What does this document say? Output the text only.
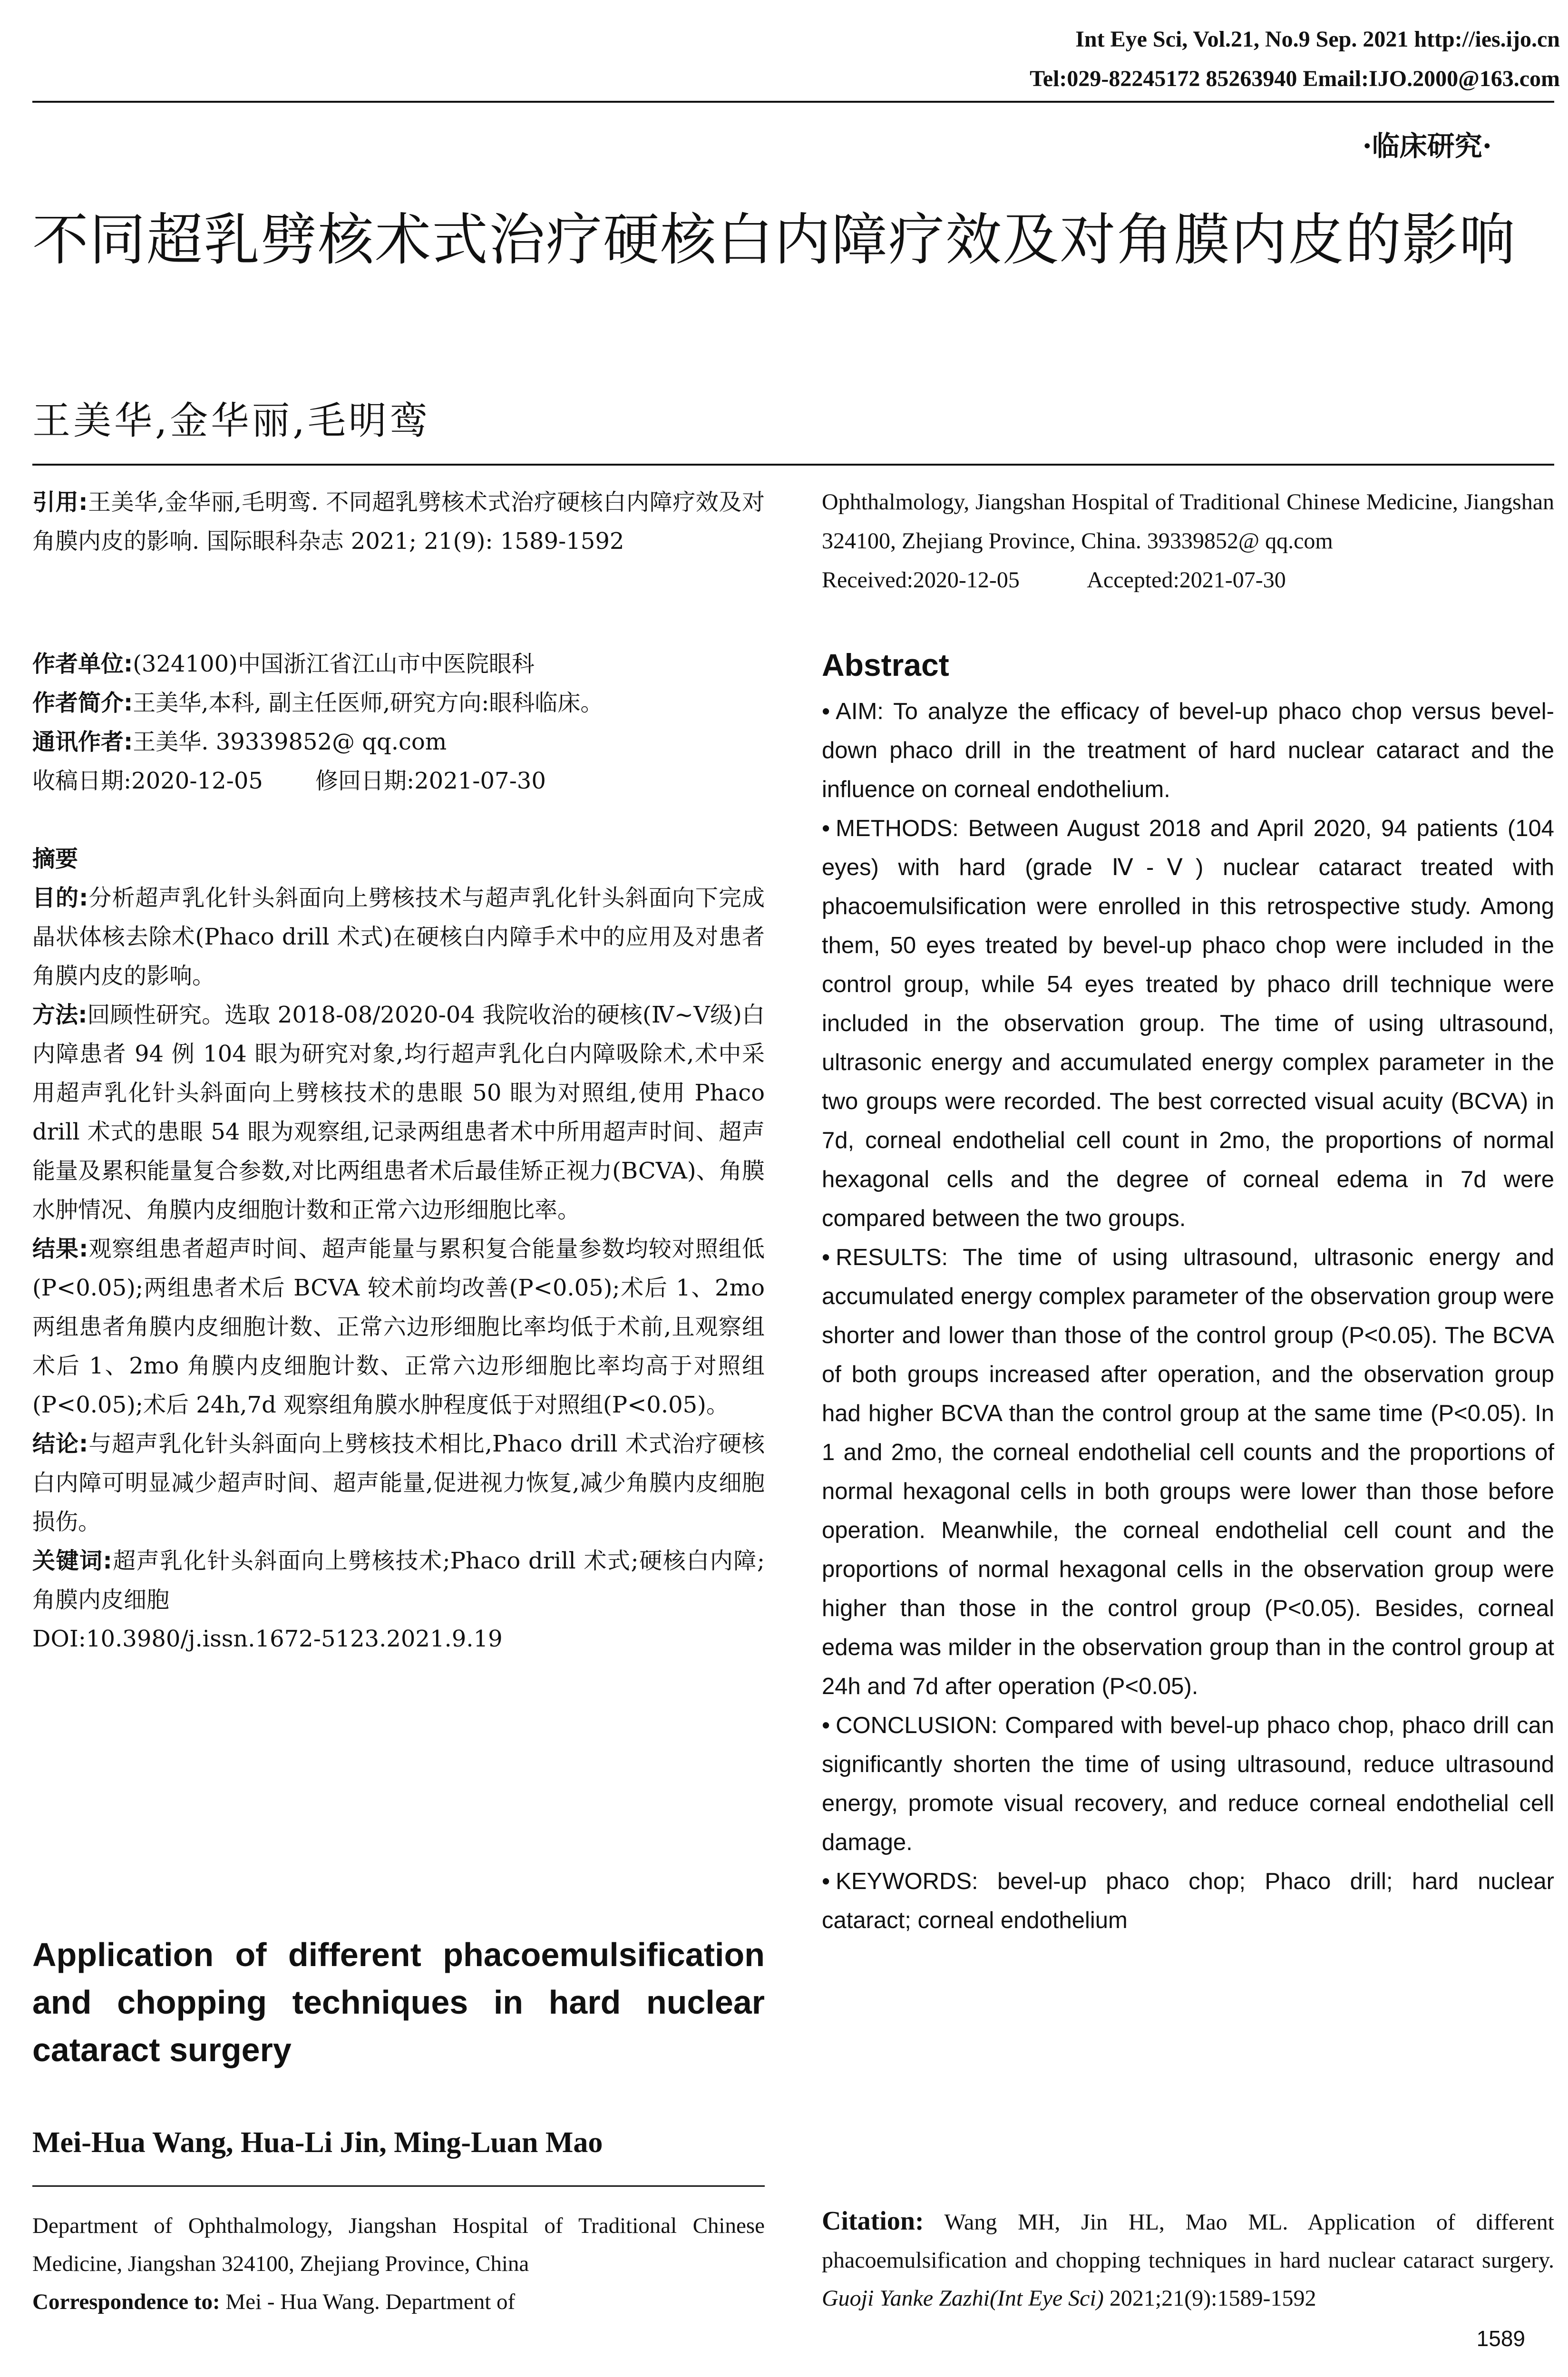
Int Eye Sci, Vol.21, No.9 Sep. 2021 http://ies.ijo.cn
Tel:029-82245172 85263940 Email:IJO.2000@163.com
·临床研究·
不同超乳劈核术式治疗硬核白内障疗效及对角膜内皮的影响
王美华,金华丽,毛明鸾
引用:王美华,金华丽,毛明鸾. 不同超乳劈核术式治疗硬核白内障疗效及对角膜内皮的影响. 国际眼科杂志 2021; 21(9): 1589-1592
Ophthalmology, Jiangshan Hospital of Traditional Chinese Medicine, Jiangshan 324100, Zhejiang Province, China. 39339852@ qq.com
Received:2020-12-05	Accepted:2021-07-30

作者单位:(324100)中国浙江省江山市中医院眼科

作者简介:王美华,本科, 副主任医师,研究方向:眼科临床。

通讯作者:王美华. 39339852@ qq.com

收稿日期:2020-12-05 修回日期:2021-07-30

摘要

目的:分析超声乳化针头斜面向上劈核技术与超声乳化针头斜面向下完成晶状体核去除术(Phaco drill 术式)在硬核白内障手术中的应用及对患者角膜内皮的影响。

方法:回顾性研究。选取 2018-08/2020-04 我院收治的硬核(Ⅳ~Ⅴ级)白内障患者 94 例 104 眼为研究对象,均行超声乳化白内障吸除术,术中采用超声乳化针头斜面向上劈核技术的患眼 50 眼为对照组,使用 Phaco drill 术式的患眼 54 眼为观察组,记录两组患者术中所用超声时间、超声能量及累积能量复合参数,对比两组患者术后最佳矫正视力(BCVA)、角膜水肿情况、角膜内皮细胞计数和正常六边形细胞比率。

结果:观察组患者超声时间、超声能量与累积复合能量参数均较对照组低(P<0.05);两组患者术后 BCVA 较术前均改善(P<0.05);术后 1、2mo 两组患者角膜内皮细胞计数、正常六边形细胞比率均低于术前,且观察组术后 1、2mo 角膜内皮细胞计数、正常六边形细胞比率均高于对照组(P<0.05);术后 24h,7d 观察组角膜水肿程度低于对照组(P<0.05)。

结论:与超声乳化针头斜面向上劈核技术相比,Phaco drill 术式治疗硬核白内障可明显减少超声时间、超声能量,促进视力恢复,减少角膜内皮细胞损伤。

关键词:超声乳化针头斜面向上劈核技术;Phaco drill 术式;硬核白内障;角膜内皮细胞

DOI:10.3980/j.issn.1672-5123.2021.9.19

Application of different phacoemulsification and chopping techniques in hard nuclear cataract surgery
Mei-Hua Wang, Hua-Li Jin, Ming-Luan Mao
Department of Ophthalmology, Jiangshan Hospital of Traditional Chinese Medicine, Jiangshan 324100, Zhejiang Province, China
Correspondence to: Mei - Hua Wang. Department of
Abstract

• AIM: To analyze the efficacy of bevel-up phaco chop versus bevel-down phaco drill in the treatment of hard nuclear cataract and the influence on corneal endothelium.

• METHODS: Between August 2018 and April 2020, 94 patients (104 eyes) with hard (grade Ⅳ-Ⅴ) nuclear cataract treated with phacoemulsification were enrolled in this retrospective study. Among them, 50 eyes treated by bevel-up phaco chop were included in the control group, while 54 eyes treated by phaco drill technique were included in the observation group. The time of using ultrasound, ultrasonic energy and accumulated energy complex parameter in the two groups were recorded. The best corrected visual acuity (BCVA) in 7d, corneal endothelial cell count in 2mo, the proportions of normal hexagonal cells and the degree of corneal edema in 7d were compared between the two groups.

• RESULTS: The time of using ultrasound, ultrasonic energy and accumulated energy complex parameter of the observation group were shorter and lower than those of the control group (P<0.05). The BCVA of both groups increased after operation, and the observation group had higher BCVA than the control group at the same time (P<0.05). In 1 and 2mo, the corneal endothelial cell counts and the proportions of normal hexagonal cells in both groups were lower than those before operation. Meanwhile, the corneal endothelial cell count and the proportions of normal hexagonal cells in the observation group were higher than those in the control group (P<0.05). Besides, corneal edema was milder in the observation group than in the control group at 24h and 7d after operation (P<0.05).

• CONCLUSION: Compared with bevel-up phaco chop, phaco drill can significantly shorten the time of using ultrasound, reduce ultrasound energy, promote visual recovery, and reduce corneal endothelial cell damage.

• KEYWORDS: bevel-up phaco chop; Phaco drill; hard nuclear cataract; corneal endothelium

Citation: Wang MH, Jin HL, Mao ML. Application of different phacoemulsification and chopping techniques in hard nuclear cataract surgery. Guoji Yanke Zazhi(Int Eye Sci) 2021;21(9):1589-1592
1589
